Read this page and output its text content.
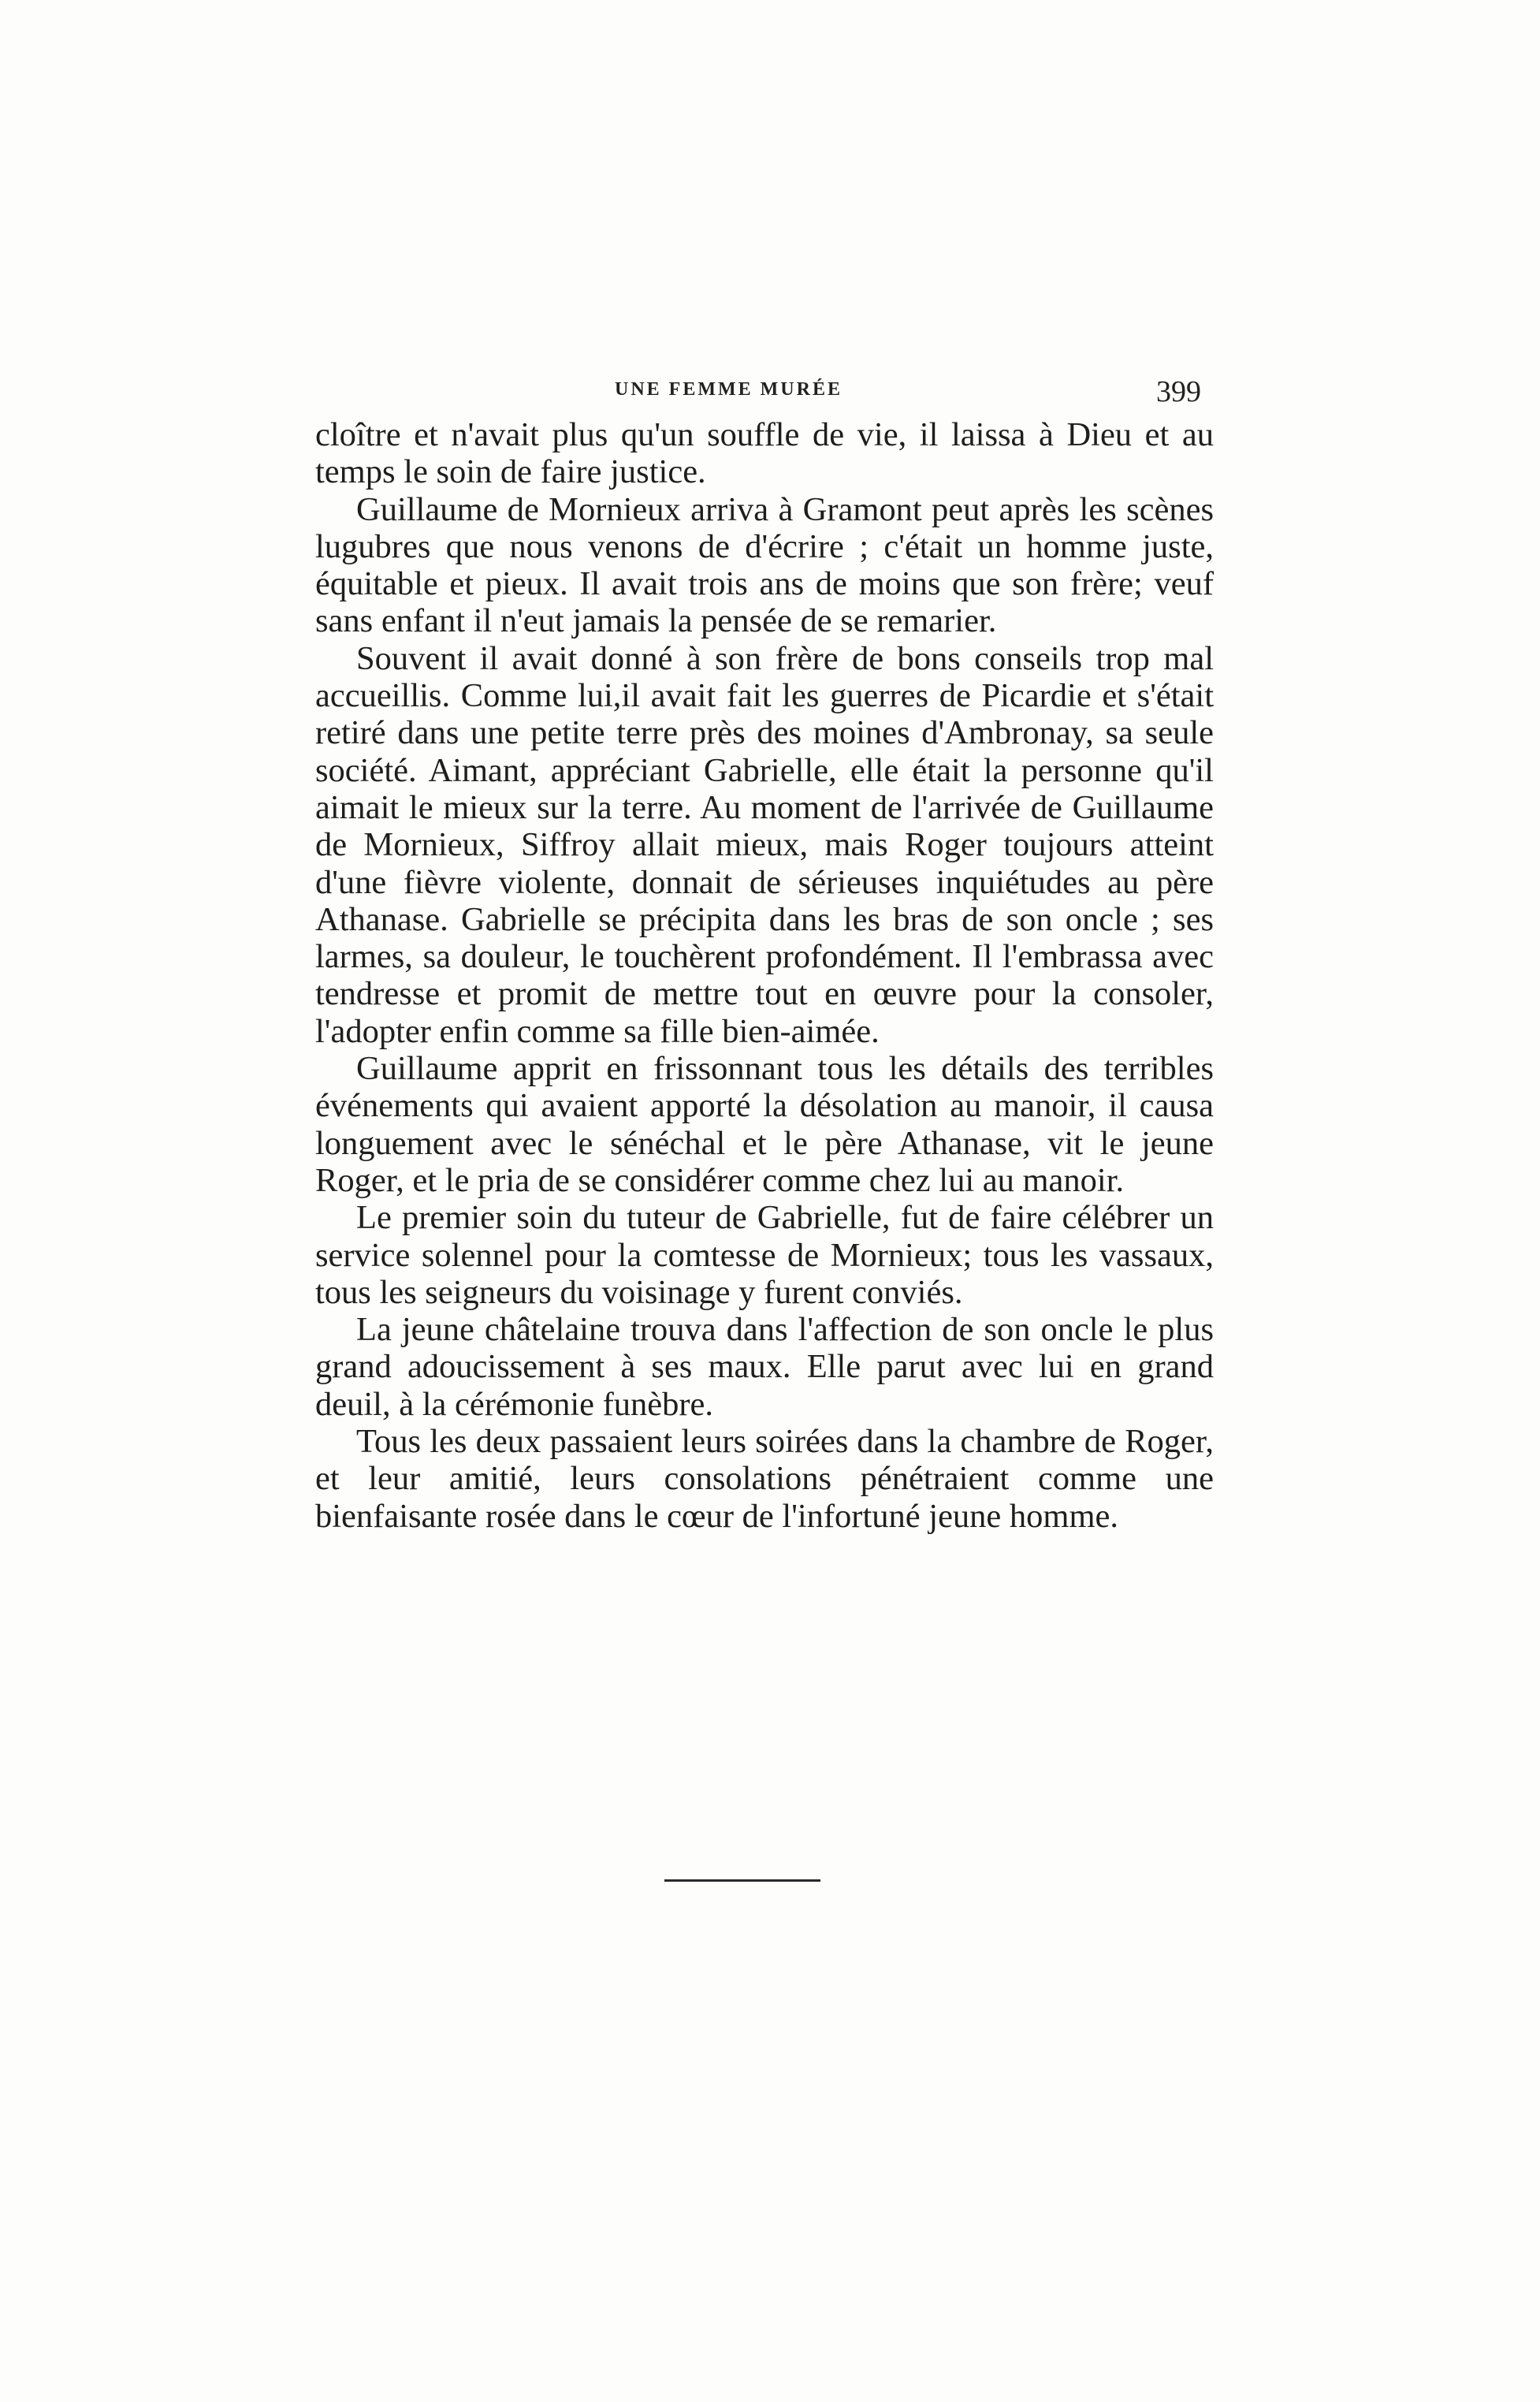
UNE FEMME MURÉE	399

cloître et n'avait plus qu'un souffle de vie, il laissa à Dieu et au temps le soin de faire justice.

Guillaume de Mornieux arriva à Gramont peut après les scènes lugubres que nous venons de d'écrire ; c'était un homme juste, équitable et pieux. Il avait trois ans de moins que son frère; veuf sans enfant il n'eut jamais la pensée de se remarier.

Souvent il avait donné à son frère de bons conseils trop mal accueillis. Comme lui,il avait fait les guerres de Picardie et s'était retiré dans une petite terre près des moines d'Ambronay, sa seule société. Aimant, appréciant Gabrielle, elle était la personne qu'il aimait le mieux sur la terre. Au moment de l'arrivée de Guillaume de Mornieux, Siffroy allait mieux, mais Roger toujours atteint d'une fièvre violente, donnait de sérieuses inquiétudes au père Athanase. Gabrielle se précipita dans les bras de son oncle ; ses larmes, sa douleur, le touchèrent profondément. Il l'embrassa avec tendresse et promit de mettre tout en œuvre pour la consoler, l'adopter enfin comme sa fille bien-aimée.

Guillaume apprit en frissonnant tous les détails des terribles événements qui avaient apporté la désolation au manoir, il causa longuement avec le sénéchal et le père Athanase, vit le jeune Roger, et le pria de se considérer comme chez lui au manoir.

Le premier soin du tuteur de Gabrielle, fut de faire célébrer un service solennel pour la comtesse de Mornieux; tous les vassaux, tous les seigneurs du voisinage y furent conviés.

La jeune châtelaine trouva dans l'affection de son oncle le plus grand adoucissement à ses maux. Elle parut avec lui en grand deuil, à la cérémonie funèbre.

Tous les deux passaient leurs soirées dans la chambre de Roger, et leur amitié, leurs consolations pénétraient comme une bienfaisante rosée dans le cœur de l'infortuné jeune homme.
